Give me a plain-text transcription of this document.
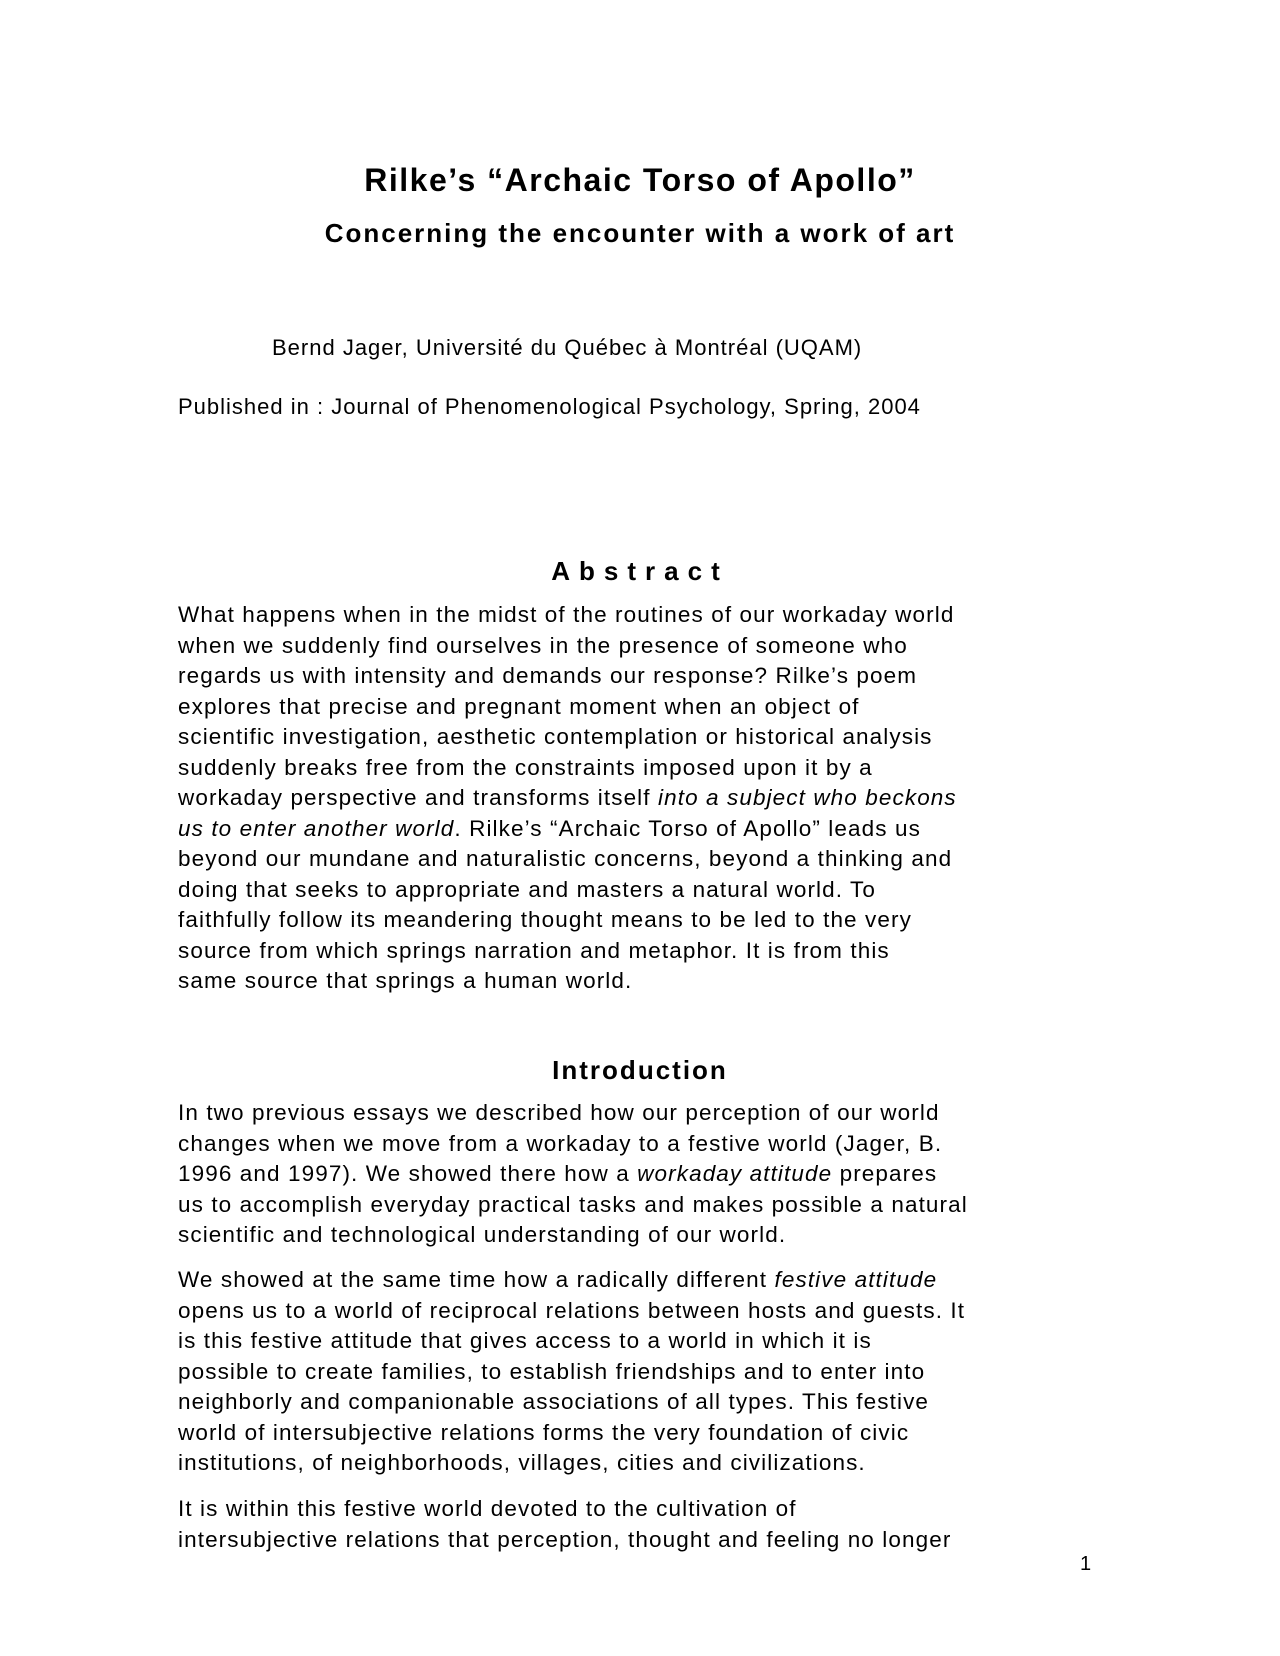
Rilke’s “Archaic Torso of Apollo”
Concerning the encounter with a work of art
Bernd Jager, Université du Québec à Montréal (UQAM)
Published in : Journal of Phenomenological Psychology, Spring, 2004
Abstract

What happens when in the midst of the routines of our workaday world
when we suddenly find ourselves in the presence of someone who
regards us with intensity and demands our response? Rilke’s poem
explores that precise and pregnant moment when an object of
scientific investigation, aesthetic contemplation or historical analysis
suddenly breaks free from the constraints imposed upon it by a
workaday perspective and transforms itself into a subject who beckons
us to enter another world. Rilke’s “Archaic Torso of Apollo” leads us
beyond our mundane and naturalistic concerns, beyond a thinking and
doing that seeks to appropriate and masters a natural world. To
faithfully follow its meandering thought means to be led to the very
source from which springs narration and metaphor. It is from this
same source that springs a human world.

Introduction

In two previous essays we described how our perception of our world
changes when we move from a workaday to a festive world (Jager, B.
1996 and 1997). We showed there how a workaday attitude prepares
us to accomplish everyday practical tasks and makes possible a natural
scientific and technological understanding of our world.

We showed at the same time how a radically different festive attitude
opens us to a world of reciprocal relations between hosts and guests. It
is this festive attitude that gives access to a world in which it is
possible to create families, to establish friendships and to enter into
neighborly and companionable associations of all types. This festive
world of intersubjective relations forms the very foundation of civic
institutions, of neighborhoods, villages, cities and civilizations.

It is within this festive world devoted to the cultivation of
intersubjective relations that perception, thought and feeling no longer

1
